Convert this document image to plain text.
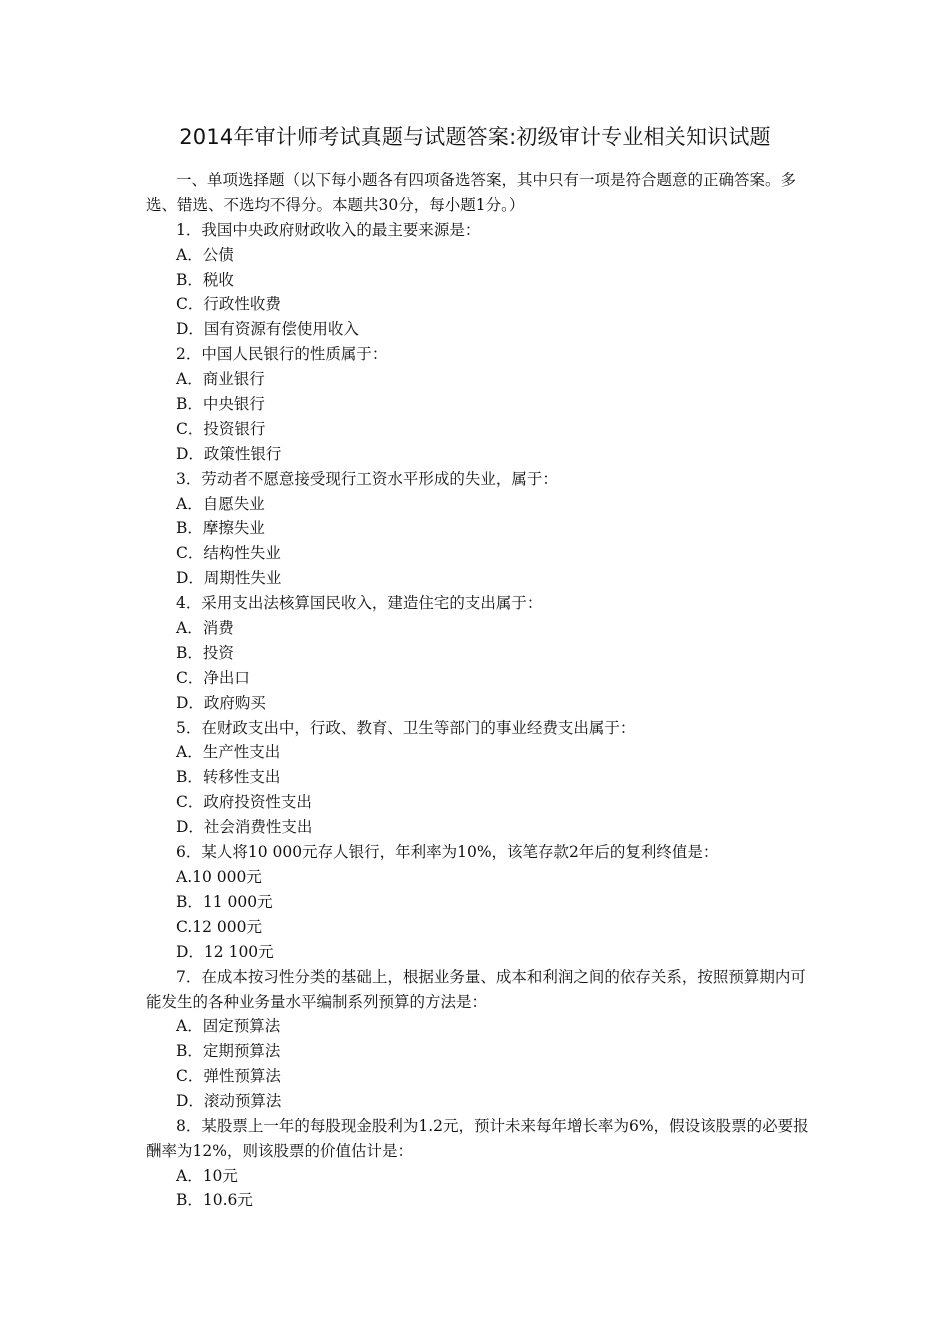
2014年审计师考试真题与试题答案:初级审计专业相关知识试题

一、单项选择题（以下每小题各有四项备选答案，其中只有一项是符合题意的正确答案。多选、错选、不选均不得分。本题共30分，每小题1分。）

1．我国中央政府财政收入的最主要来源是：
A．公债
B．税收
C．行政性收费
D．国有资源有偿使用收入
2．中国人民银行的性质属于：
A．商业银行
B．中央银行
C．投资银行
D．政策性银行
3．劳动者不愿意接受现行工资水平形成的失业，属于：
A．自愿失业
B．摩擦失业
C．结构性失业
D．周期性失业
4．采用支出法核算国民收入，建造住宅的支出属于：
A．消费
B．投资
C．净出口
D．政府购买
5．在财政支出中，行政、教育、卫生等部门的事业经费支出属于：
A．生产性支出
B．转移性支出
C．政府投资性支出
D．社会消费性支出
6．某人将10 000元存人银行，年利率为10%，该笔存款2年后的复利终值是：
A.10 000元
B．11 000元
C.12 000元
D．12 100元

7．在成本按习性分类的基础上，根据业务量、成本和利润之间的依存关系，按照预算期内可能发生的各种业务量水平编制系列预算的方法是：

A．固定预算法
B．定期预算法
C．弹性预算法
D．滚动预算法

8．某股票上一年的每股现金股利为1.2元，预计未来每年增长率为6%，假设该股票的必要报酬率为12%，则该股票的价值估计是：

A．10元
B．10.6元
